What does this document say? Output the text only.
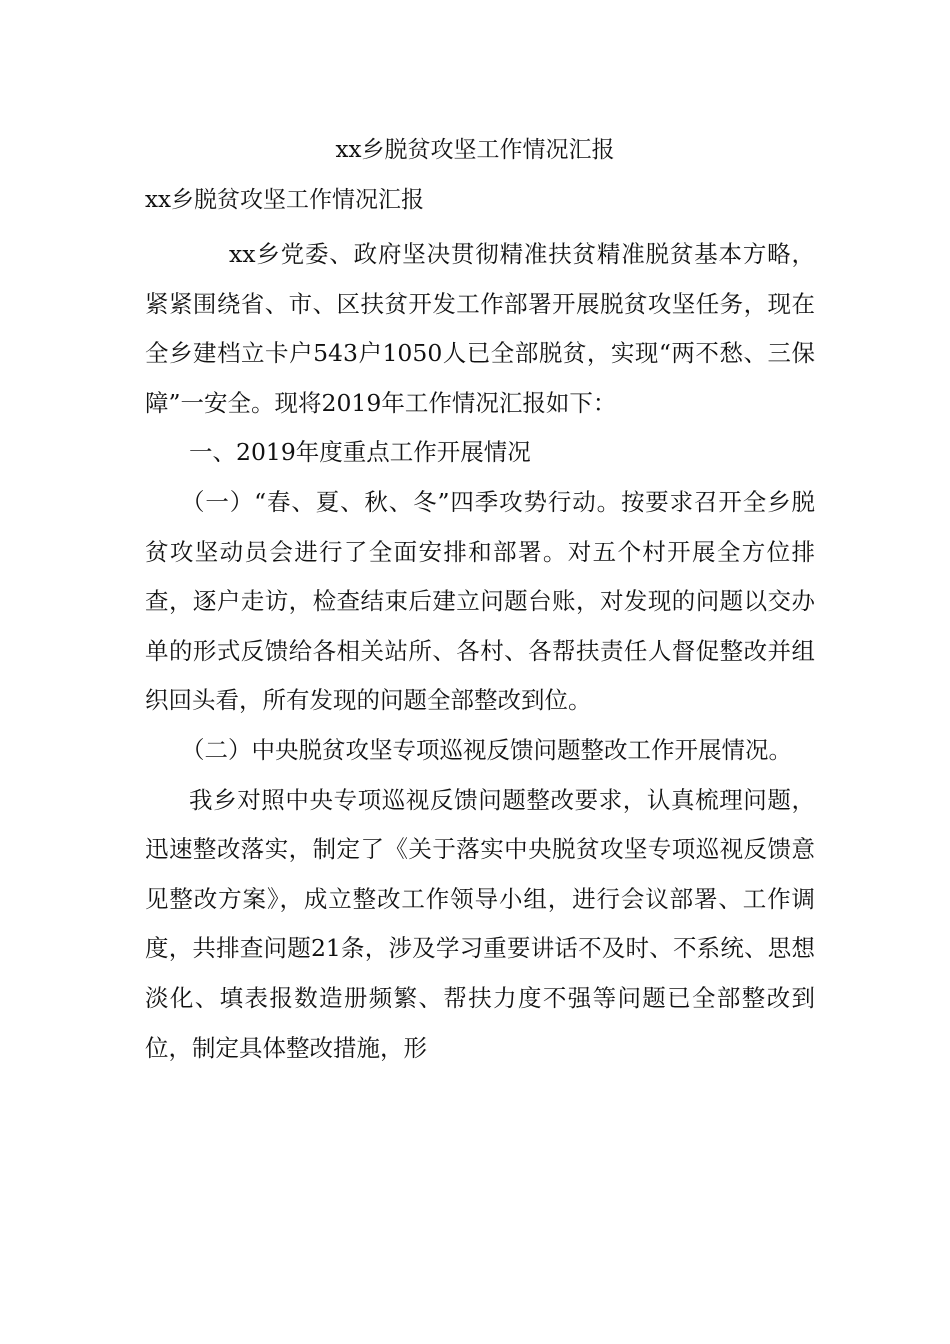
xx乡脱贫攻坚工作情况汇报
xx乡脱贫攻坚工作情况汇报

xx乡党委、政府坚决贯彻精准扶贫精准脱贫基本方略，紧紧围绕省、市、区扶贫开发工作部署开展脱贫攻坚任务，现在全乡建档立卡户543户1050人已全部脱贫，实现“两不愁、三保障”一安全。现将2019年工作情况汇报如下：

一、2019年度重点工作开展情况

（一）“春、夏、秋、冬”四季攻势行动。按要求召开全乡脱贫攻坚动员会进行了全面安排和部署。对五个村开展全方位排查，逐户走访，检查结束后建立问题台账，对发现的问题以交办单的形式反馈给各相关站所、各村、各帮扶责任人督促整改并组织回头看，所有发现的问题全部整改到位。

（二）中央脱贫攻坚专项巡视反馈问题整改工作开展情况。

我乡对照中央专项巡视反馈问题整改要求，认真梳理问题，迅速整改落实，制定了《关于落实中央脱贫攻坚专项巡视反馈意见整改方案》，成立整改工作领导小组，进行会议部署、工作调度，共排查问题21条，涉及学习重要讲话不及时、不系统、思想淡化、填表报数造册频繁、帮扶力度不强等问题已全部整改到位，制定具体整改措施，形
